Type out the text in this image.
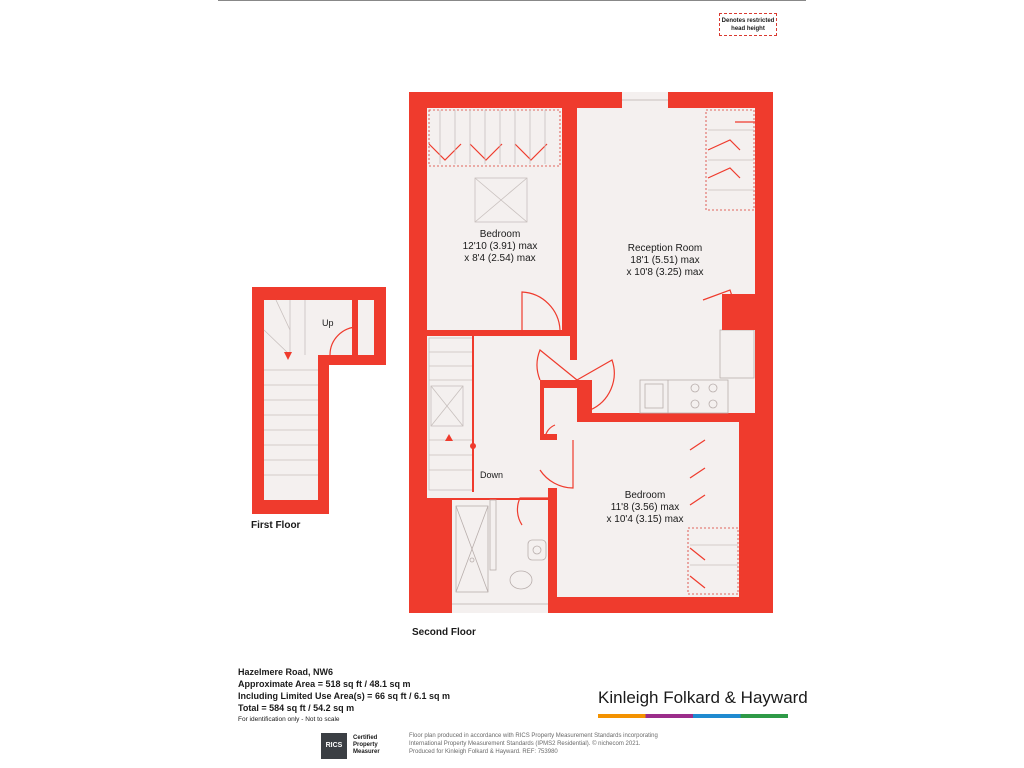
Denotes restricted
head height
Bedroom
12'10 (3.91) max
x 8'4 (2.54) max
Reception Room
18'1 (5.51) max
x 10'8 (3.25) max
Bedroom
11'8 (3.56) max
x 10'4 (3.15) max
Up
Down
First Floor
Second Floor
Hazelmere Road, NW6
Approximate Area = 518 sq ft / 48.1 sq m
Including Limited Use Area(s) = 66 sq ft / 6.1 sq m
Total = 584 sq ft / 54.2 sq m
For identification only - Not to scale
Kinleigh Folkard & Hayward
RICS
Certified
Property
Measurer
Floor plan produced in accordance with RICS Property Measurement Standards incorporating
International Property Measurement Standards (IPMS2 Residential). © nichecom 2021.
Produced for Kinleigh Folkard & Hayward. REF: 753980
